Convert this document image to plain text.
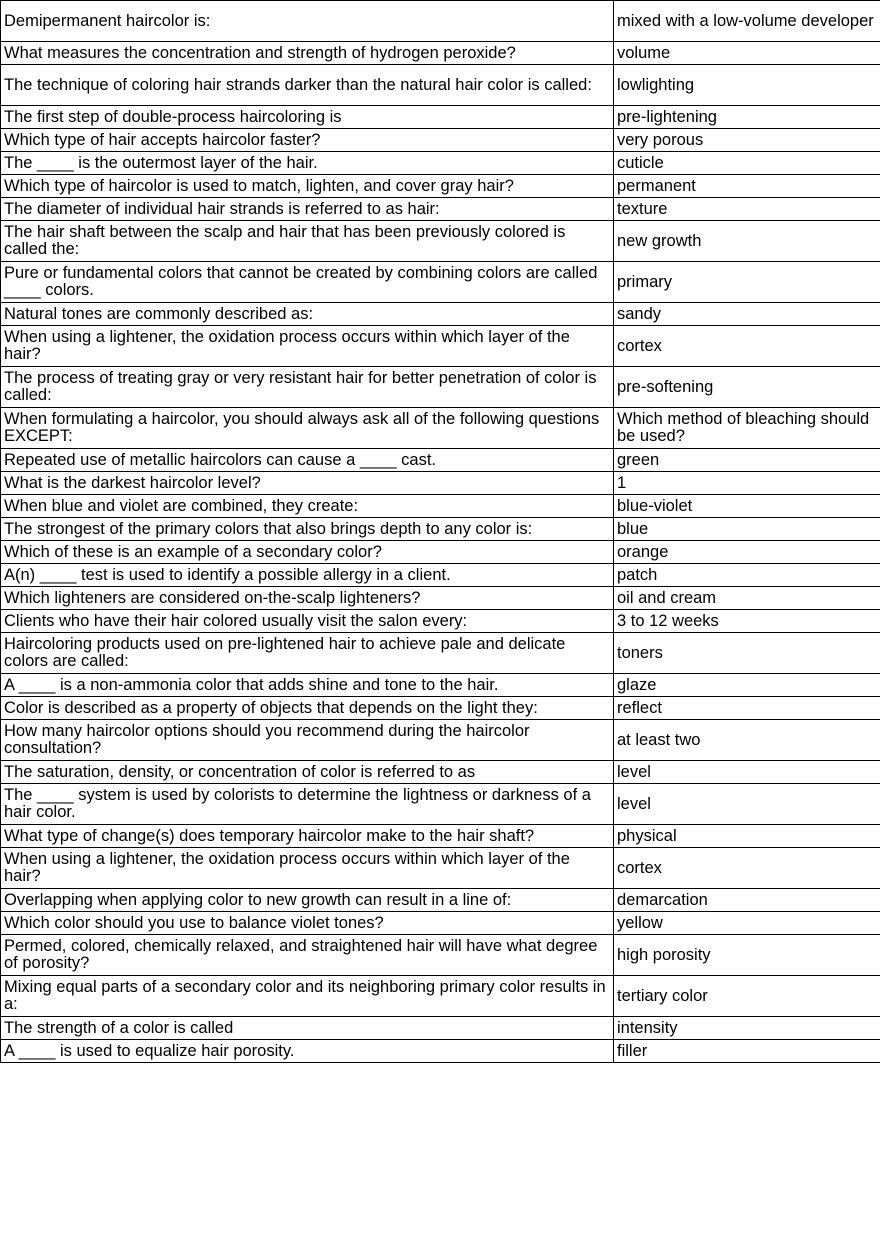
Demipermanent haircolor is:	mixed with a low-volume developer
What measures the concentration and strength of hydrogen peroxide?	volume
The technique of coloring hair strands darker than the natural hair color is called:	lowlighting
The first step of double-process haircoloring is	pre-lightening
Which type of hair accepts haircolor faster?	very porous
The ____ is the outermost layer of the hair.	cuticle
Which type of haircolor is used to match, lighten, and cover gray hair?	permanent
The diameter of individual hair strands is referred to as hair:	texture
The hair shaft between the scalp and hair that has been previously colored is called the:	new growth
Pure or fundamental colors that cannot be created by combining colors are called ____ colors.	primary
Natural tones are commonly described as:	sandy
When using a lightener, the oxidation process occurs within which layer of the hair?	cortex
The process of treating gray or very resistant hair for better penetration of color is called:	pre-softening
When formulating a haircolor, you should always ask all of the following questions EXCEPT:	Which method of bleaching should be used?
Repeated use of metallic haircolors can cause a ____ cast.	green
What is the darkest haircolor level?	1
When blue and violet are combined, they create:	blue-violet
The strongest of the primary colors that also brings depth to any color is:	blue
Which of these is an example of a secondary color?	orange
A(n) ____ test is used to identify a possible allergy in a client.	patch
Which lighteners are considered on-the-scalp lighteners?	oil and cream
Clients who have their hair colored usually visit the salon every:	3 to 12 weeks
Haircoloring products used on pre-lightened hair to achieve pale and delicate colors are called:	toners
A ____ is a non-ammonia color that adds shine and tone to the hair.	glaze
Color is described as a property of objects that depends on the light they:	reflect
How many haircolor options should you recommend during the haircolor consultation?	at least two
The saturation, density, or concentration of color is referred to as	level
The ____ system is used by colorists to determine the lightness or darkness of a hair color.	level
What type of change(s) does temporary haircolor make to the hair shaft?	physical
When using a lightener, the oxidation process occurs within which layer of the hair?	cortex
Overlapping when applying color to new growth can result in a line of:	demarcation
Which color should you use to balance violet tones?	yellow
Permed, colored, chemically relaxed, and straightened hair will have what degree of porosity?	high porosity
Mixing equal parts of a secondary color and its neighboring primary color results in a:	tertiary color
The strength of a color is called	intensity
A ____ is used to equalize hair porosity.	filler
